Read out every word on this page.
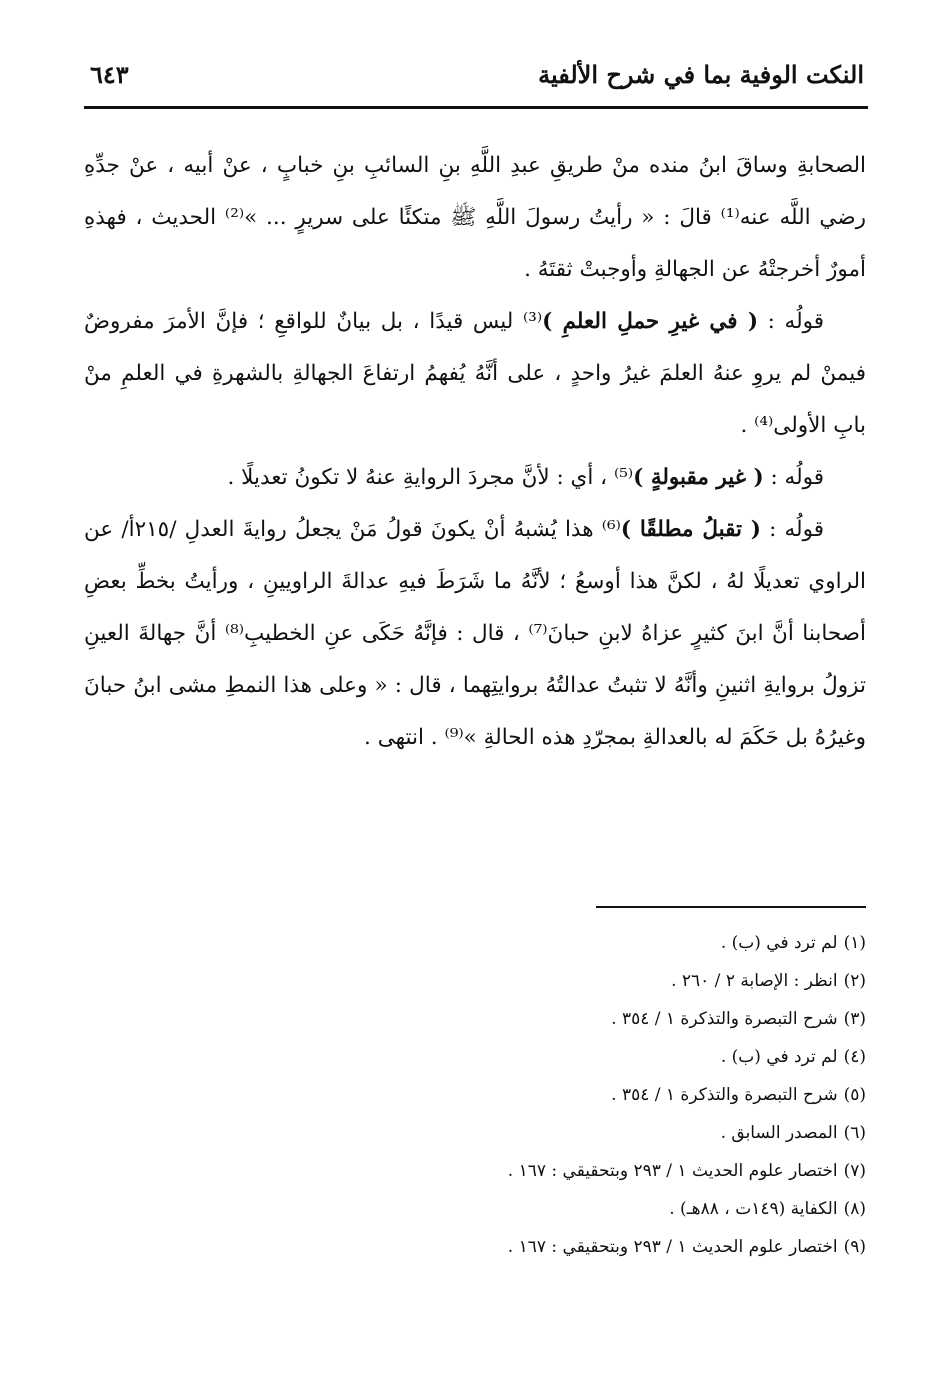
النكت الوفية بما في شرح الألفية
٦٤٣

الصحابةِ وساقَ ابنُ منده منْ طريقِ عبدِ اللَّهِ بنِ السائبِ بنِ خبابٍ ، عنْ أبيه ، عنْ جدِّهِ رضي اللَّه عنه⁽¹⁾ قالَ : « رأيتُ رسولَ اللَّهِ ﷺ متكئًا على سريرٍ ... »⁽²⁾ الحديث ، فهذهِ أمورٌ أخرجتْهُ عن الجهالةِ وأوجبتْ ثقتَهُ .

قولُه : ( في غيرِ حملِ العلمِ )⁽³⁾ ليس قيدًا ، بل بيانٌ للواقعِ ؛ فإنَّ الأمرَ مفروضٌ فيمنْ لم يروِ عنهُ العلمَ غيرُ واحدٍ ، على أنَّهُ يُفهمُ ارتفاعَ الجهالةِ بالشهرةِ في العلمِ منْ بابِ الأولى⁽⁴⁾ .

قولُه : ( غير مقبولةٍ )⁽⁵⁾ ، أي : لأنَّ مجردَ الروايةِ عنهُ لا تكونُ تعديلًا .

قولُه : ( تقبلُ مطلقًا )⁽⁶⁾ هذا يُشبهُ أنْ يكونَ قولُ مَنْ يجعلُ روايةَ العدلِ /٢١٥أ/ عن الراوي تعديلًا لهُ ، لكنَّ هذا أوسعُ ؛ لأنَّهُ ما شَرَطَ فيهِ عدالةَ الراويينِ ، ورأيتُ بخطِّ بعضِ أصحابنا أنَّ ابنَ كثيرٍ عزاهُ لابنِ حبانَ⁽⁷⁾ ، قال : فإنَّهُ حَكَى عنِ الخطيبِ⁽⁸⁾ أنَّ جهالةَ العينِ تزولُ بروايةِ اثنينِ وأنَّهُ لا تثبتُ عدالتُهُ بروايتِهما ، قال : « وعلى هذا النمطِ مشى ابنُ حبانَ وغيرُهُ بل حَكَمَ له بالعدالةِ بمجرّدِ هذه الحالةِ »⁽⁹⁾ . انتهى .

(١)لم ترد في (ب) .
(٢)انظر : الإصابة ٢ / ٢٦٠ .
(٣)شرح التبصرة والتذكرة ١ / ٣٥٤ .
(٤)لم ترد في (ب) .
(٥)شرح التبصرة والتذكرة ١ / ٣٥٤ .
(٦)المصدر السابق .
(٧)اختصار علوم الحديث ١ / ٢٩٣ وبتحقيقي : ١٦٧ .
(٨)الكفاية (١٤٩ت ، ٨٨هـ) .
(٩)اختصار علوم الحديث ١ / ٢٩٣ وبتحقيقي : ١٦٧ .
